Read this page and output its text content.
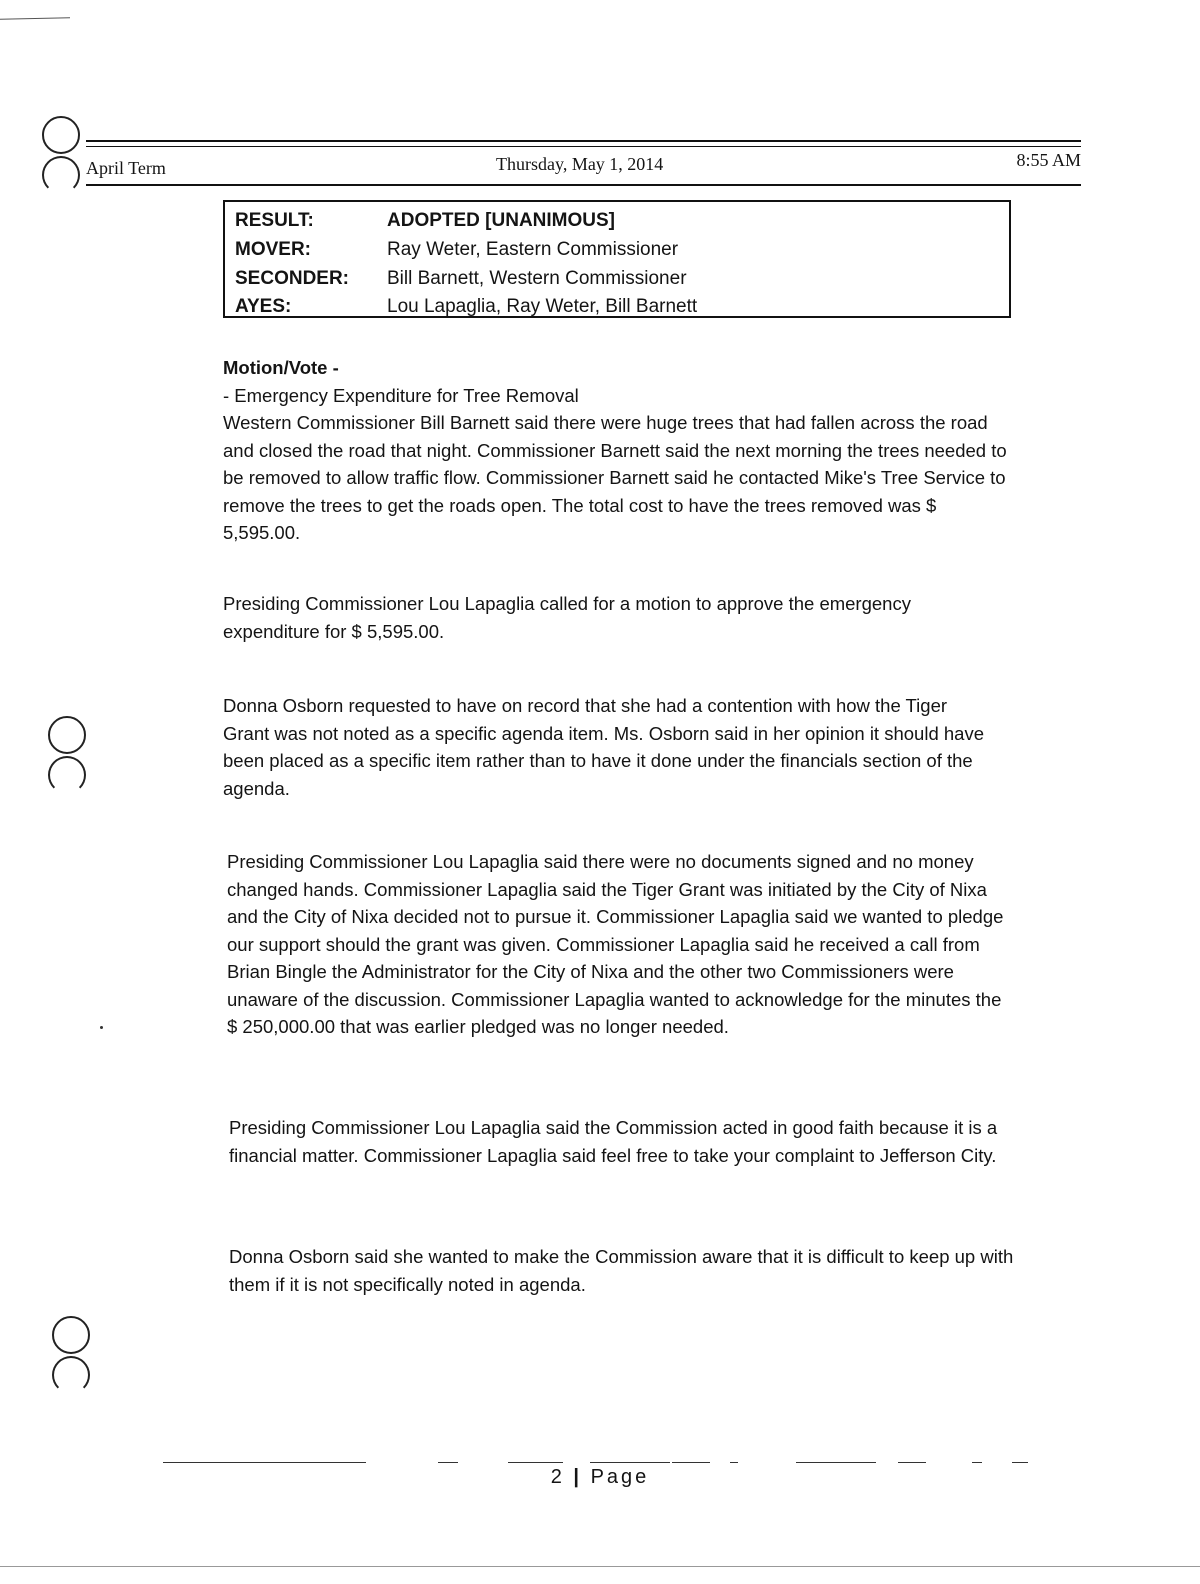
April Term	Thursday, May 1, 2014	8:55 AM
RESULT:	ADOPTED [UNANIMOUS]
MOVER:	Ray Weter, Eastern Commissioner
SECONDER: Bill Barnett, Western Commissioner
AYES:	Lou Lapaglia, Ray Weter, Bill Barnett

Motion/Vote -

- Emergency Expenditure for Tree Removal

Western Commissioner Bill Barnett said there were huge trees that had fallen across the road and closed the road that night. Commissioner Barnett said the next morning the trees needed to be removed to allow traffic flow. Commissioner Barnett said he contacted Mike's Tree Service to remove the trees to get the roads open. The total cost to have the trees removed was $ 5,595.00.

Presiding Commissioner Lou Lapaglia called for a motion to approve the emergency expenditure for $ 5,595.00.

Donna Osborn requested to have on record that she had a contention with how the Tiger Grant was not noted as a specific agenda item. Ms. Osborn said in her opinion it should have been placed as a specific item rather than to have it done under the financials section of the agenda.

Presiding Commissioner Lou Lapaglia said there were no documents signed and no money changed hands. Commissioner Lapaglia said the Tiger Grant was initiated by the City of Nixa and the City of Nixa decided not to pursue it. Commissioner Lapaglia said we wanted to pledge our support should the grant was given. Commissioner Lapaglia said he received a call from Brian Bingle the Administrator for the City of Nixa and the other two Commissioners were unaware of the discussion. Commissioner Lapaglia wanted to acknowledge for the minutes the $ 250,000.00 that was earlier pledged was no longer needed.

Presiding Commissioner Lou Lapaglia said the Commission acted in good faith because it is a financial matter. Commissioner Lapaglia said feel free to take your complaint to Jefferson City.

Donna Osborn said she wanted to make the Commission aware that it is difficult to keep up with them if it is not specifically noted in agenda.

2 | Page
